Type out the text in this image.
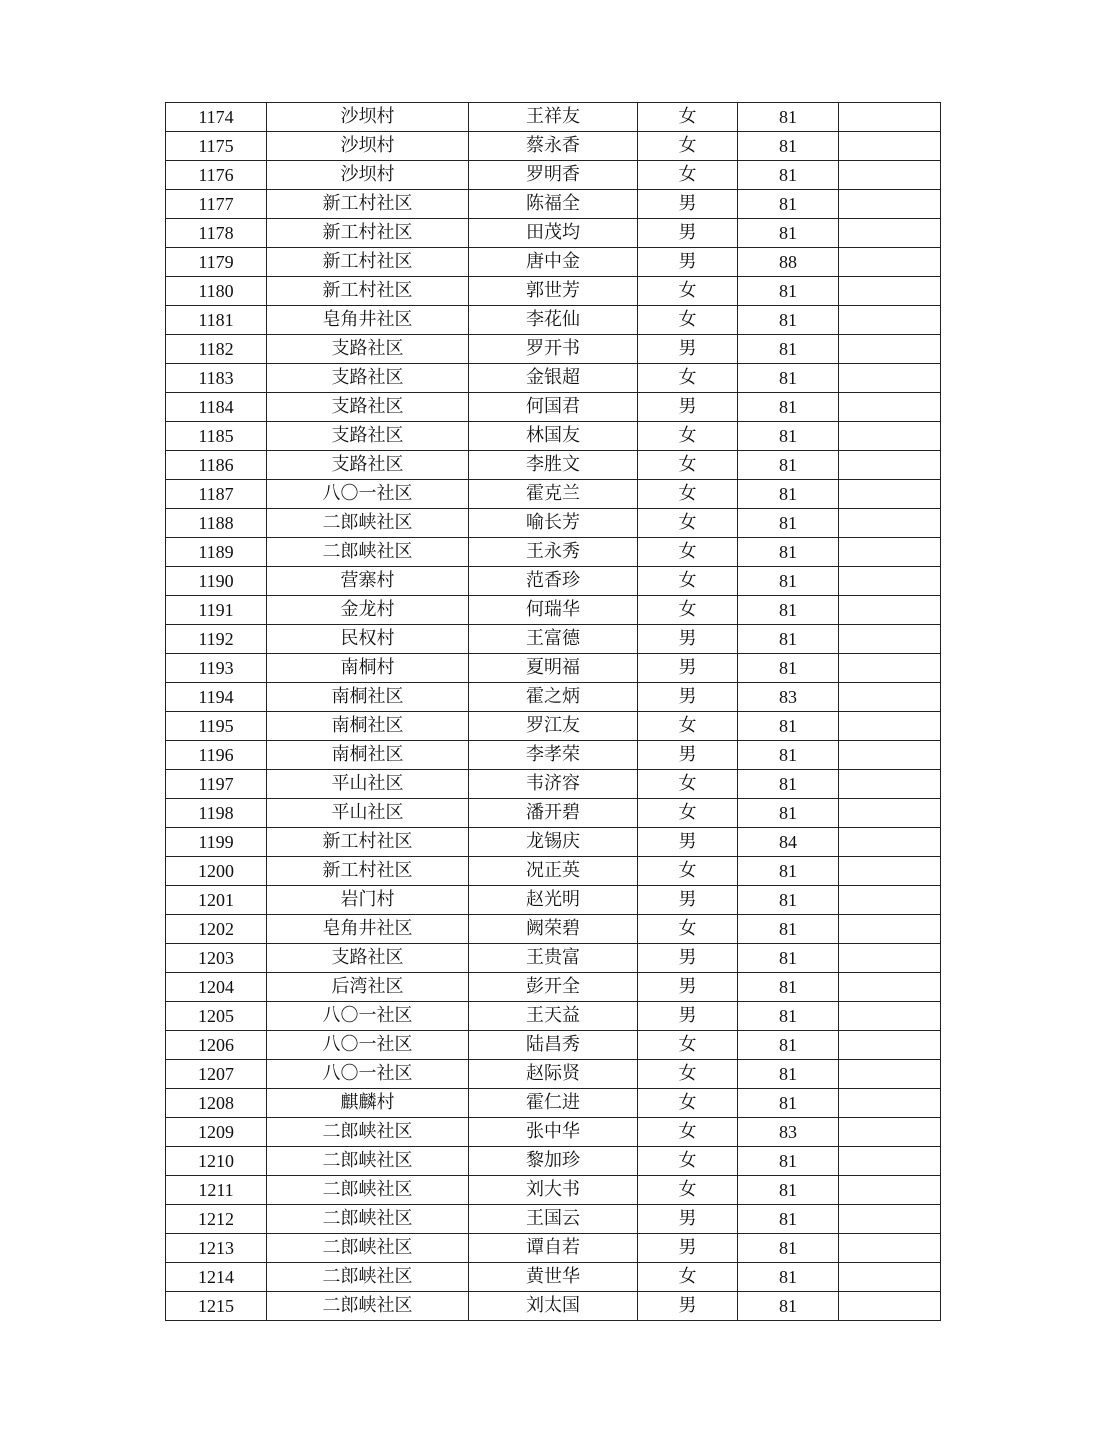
1174	沙坝村	王祥友	女	81	
1175	沙坝村	蔡永香	女	81	
1176	沙坝村	罗明香	女	81	
1177	新工村社区	陈福全	男	81	
1178	新工村社区	田茂均	男	81	
1179	新工村社区	唐中金	男	88	
1180	新工村社区	郭世芳	女	81	
1181	皂角井社区	李花仙	女	81	
1182	支路社区	罗开书	男	81	
1183	支路社区	金银超	女	81	
1184	支路社区	何国君	男	81	
1185	支路社区	林国友	女	81	
1186	支路社区	李胜文	女	81	
1187	八〇一社区	霍克兰	女	81	
1188	二郎峡社区	喻长芳	女	81	
1189	二郎峡社区	王永秀	女	81	
1190	营寨村	范香珍	女	81	
1191	金龙村	何瑞华	女	81	
1192	民权村	王富德	男	81	
1193	南桐村	夏明福	男	81	
1194	南桐社区	霍之炳	男	83	
1195	南桐社区	罗江友	女	81	
1196	南桐社区	李孝荣	男	81	
1197	平山社区	韦济容	女	81	
1198	平山社区	潘开碧	女	81	
1199	新工村社区	龙锡庆	男	84	
1200	新工村社区	况正英	女	81	
1201	岩门村	赵光明	男	81	
1202	皂角井社区	阙荣碧	女	81	
1203	支路社区	王贵富	男	81	
1204	后湾社区	彭开全	男	81	
1205	八〇一社区	王天益	男	81	
1206	八〇一社区	陆昌秀	女	81	
1207	八〇一社区	赵际贤	女	81	
1208	麒麟村	霍仁进	女	81	
1209	二郎峡社区	张中华	女	83	
1210	二郎峡社区	黎加珍	女	81	
1211	二郎峡社区	刘大书	女	81	
1212	二郎峡社区	王国云	男	81	
1213	二郎峡社区	谭自若	男	81	
1214	二郎峡社区	黄世华	女	81	
1215	二郎峡社区	刘太国	男	81	
